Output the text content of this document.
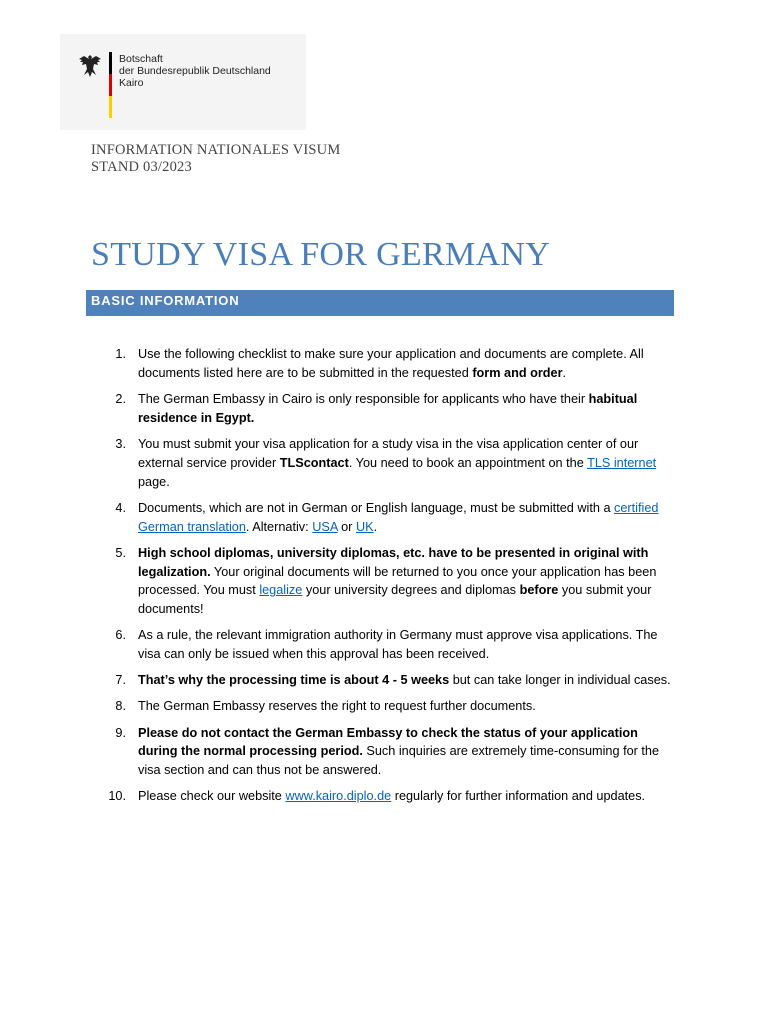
Botschaft
der Bundesrepublik Deutschland
Kairo
INFORMATION NATIONALES VISUM
STAND 03/2023
STUDY VISA FOR GERMANY
BASIC INFORMATION
1. Use the following checklist to make sure your application and documents are complete. All documents listed here are to be submitted in the requested form and order.
2. The German Embassy in Cairo is only responsible for applicants who have their habitual residence in Egypt.
3. You must submit your visa application for a study visa in the visa application center of our external service provider TLScontact. You need to book an appointment on the TLS internet page.
4. Documents, which are not in German or English language, must be submitted with a certified German translation. Alternativ: USA or UK.
5. High school diplomas, university diplomas, etc. have to be presented in original with legalization. Your original documents will be returned to you once your application has been processed. You must legalize your university degrees and diplomas before you submit your documents!
6. As a rule, the relevant immigration authority in Germany must approve visa applications. The visa can only be issued when this approval has been received.
7. That’s why the processing time is about 4 - 5 weeks but can take longer in individual cases.
8. The German Embassy reserves the right to request further documents.
9. Please do not contact the German Embassy to check the status of your application during the normal processing period. Such inquiries are extremely time-consuming for the visa section and can thus not be answered.
10. Please check our website www.kairo.diplo.de regularly for further information and updates.
